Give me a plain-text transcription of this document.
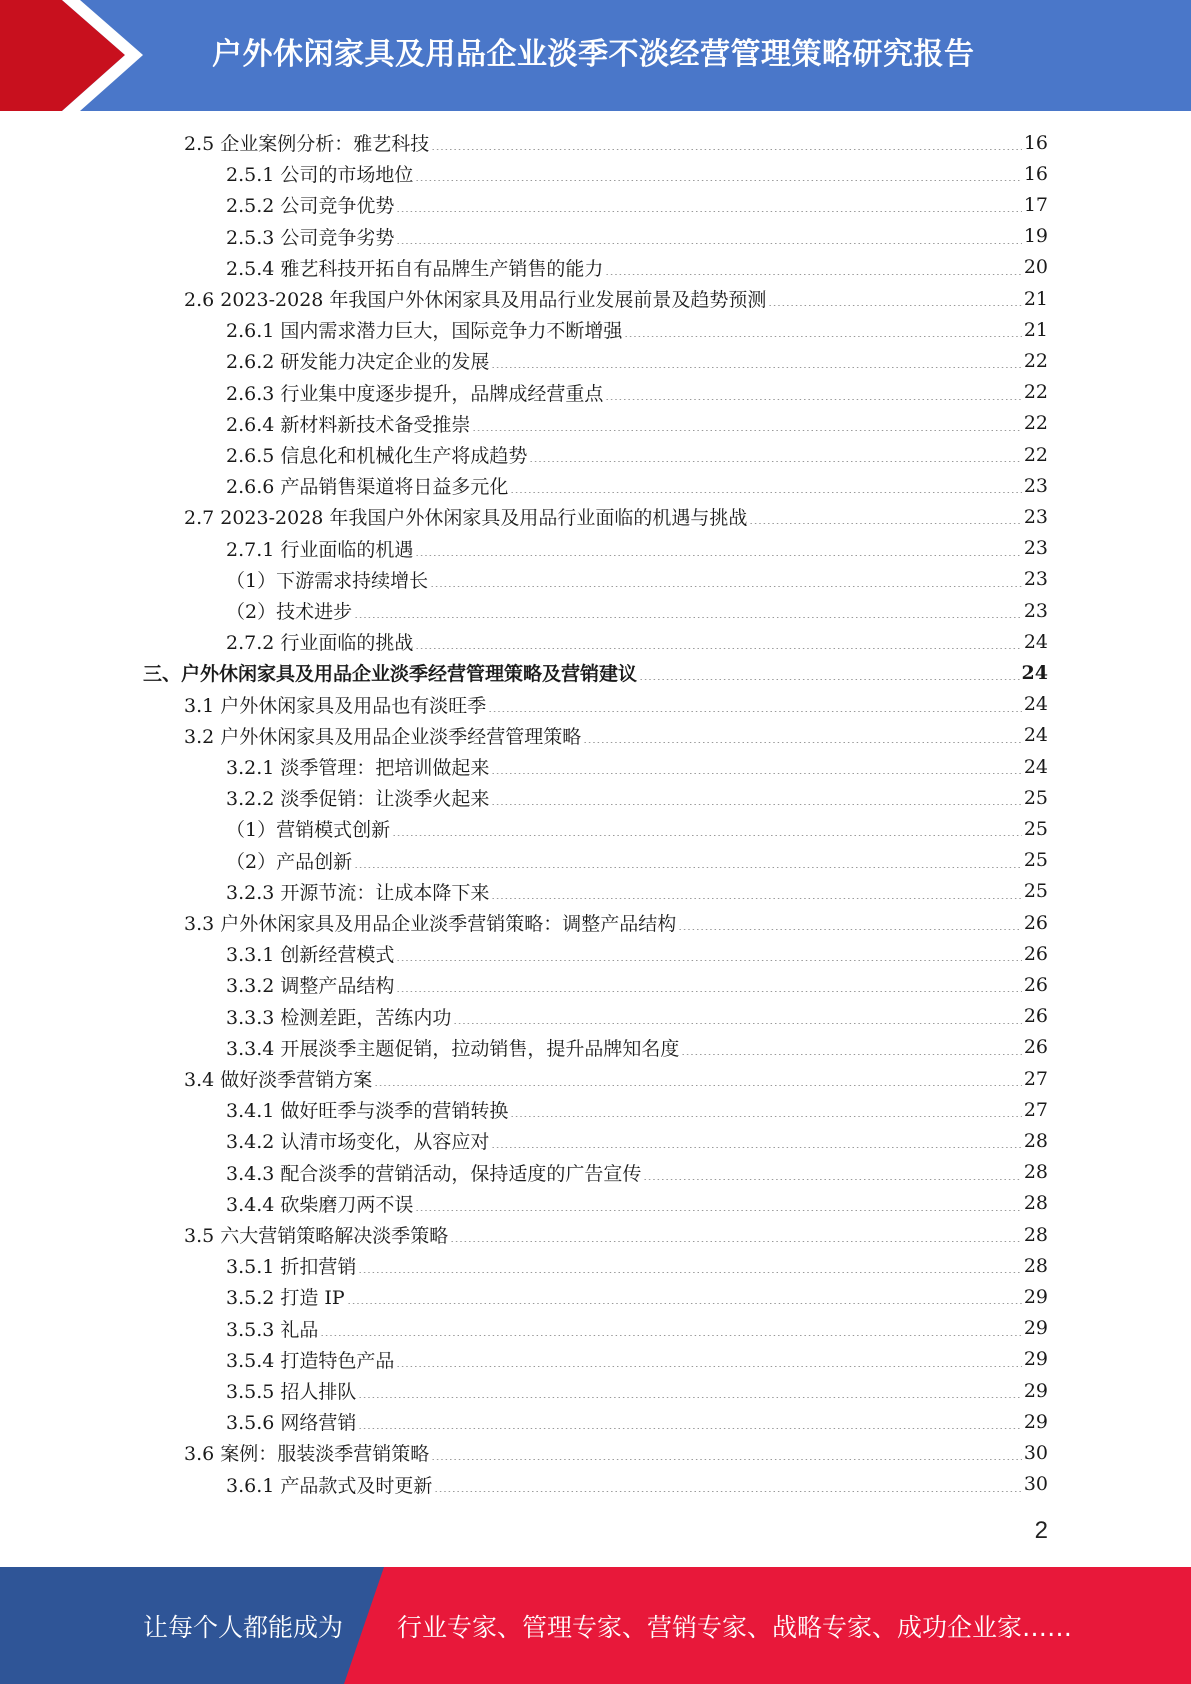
户外休闲家具及用品企业淡季不淡经营管理策略研究报告
2.5 企业案例分析：雅艺科技	16
2.5.1 公司的市场地位	16
2.5.2 公司竞争优势	17
2.5.3 公司竞争劣势	19
2.5.4 雅艺科技开拓自有品牌生产销售的能力	20
2.6 2023-2028 年我国户外休闲家具及用品行业发展前景及趋势预测	21
2.6.1 国内需求潜力巨大，国际竞争力不断增强	21
2.6.2 研发能力决定企业的发展	22
2.6.3 行业集中度逐步提升，品牌成经营重点	22
2.6.4 新材料新技术备受推崇	22
2.6.5 信息化和机械化生产将成趋势	22
2.6.6 产品销售渠道将日益多元化	23
2.7 2023-2028 年我国户外休闲家具及用品行业面临的机遇与挑战	23
2.7.1 行业面临的机遇	23
（1）下游需求持续增长	23
（2）技术进步	23
2.7.2 行业面临的挑战	24
三、户外休闲家具及用品企业淡季经营管理策略及营销建议	24
3.1 户外休闲家具及用品也有淡旺季	24
3.2 户外休闲家具及用品企业淡季经营管理策略	24
3.2.1 淡季管理：把培训做起来	24
3.2.2 淡季促销：让淡季火起来	25
（1）营销模式创新	25
（2）产品创新	25
3.2.3 开源节流：让成本降下来	25
3.3 户外休闲家具及用品企业淡季营销策略：调整产品结构	26
3.3.1 创新经营模式	26
3.3.2 调整产品结构	26
3.3.3 检测差距，苦练内功	26
3.3.4 开展淡季主题促销，拉动销售，提升品牌知名度	26
3.4 做好淡季营销方案	27
3.4.1 做好旺季与淡季的营销转换	27
3.4.2 认清市场变化，从容应对	28
3.4.3 配合淡季的营销活动，保持适度的广告宣传	28
3.4.4 砍柴磨刀两不误	28
3.5 六大营销策略解决淡季策略	28
3.5.1 折扣营销	28
3.5.2 打造 IP	29
3.5.3 礼品	29
3.5.4 打造特色产品	29
3.5.5 招人排队	29
3.5.6 网络营销	29
3.6 案例：服装淡季营销策略	30
3.6.1 产品款式及时更新	30
2
让每个人都能成为 行业专家、管理专家、营销专家、战略专家、成功企业家……
